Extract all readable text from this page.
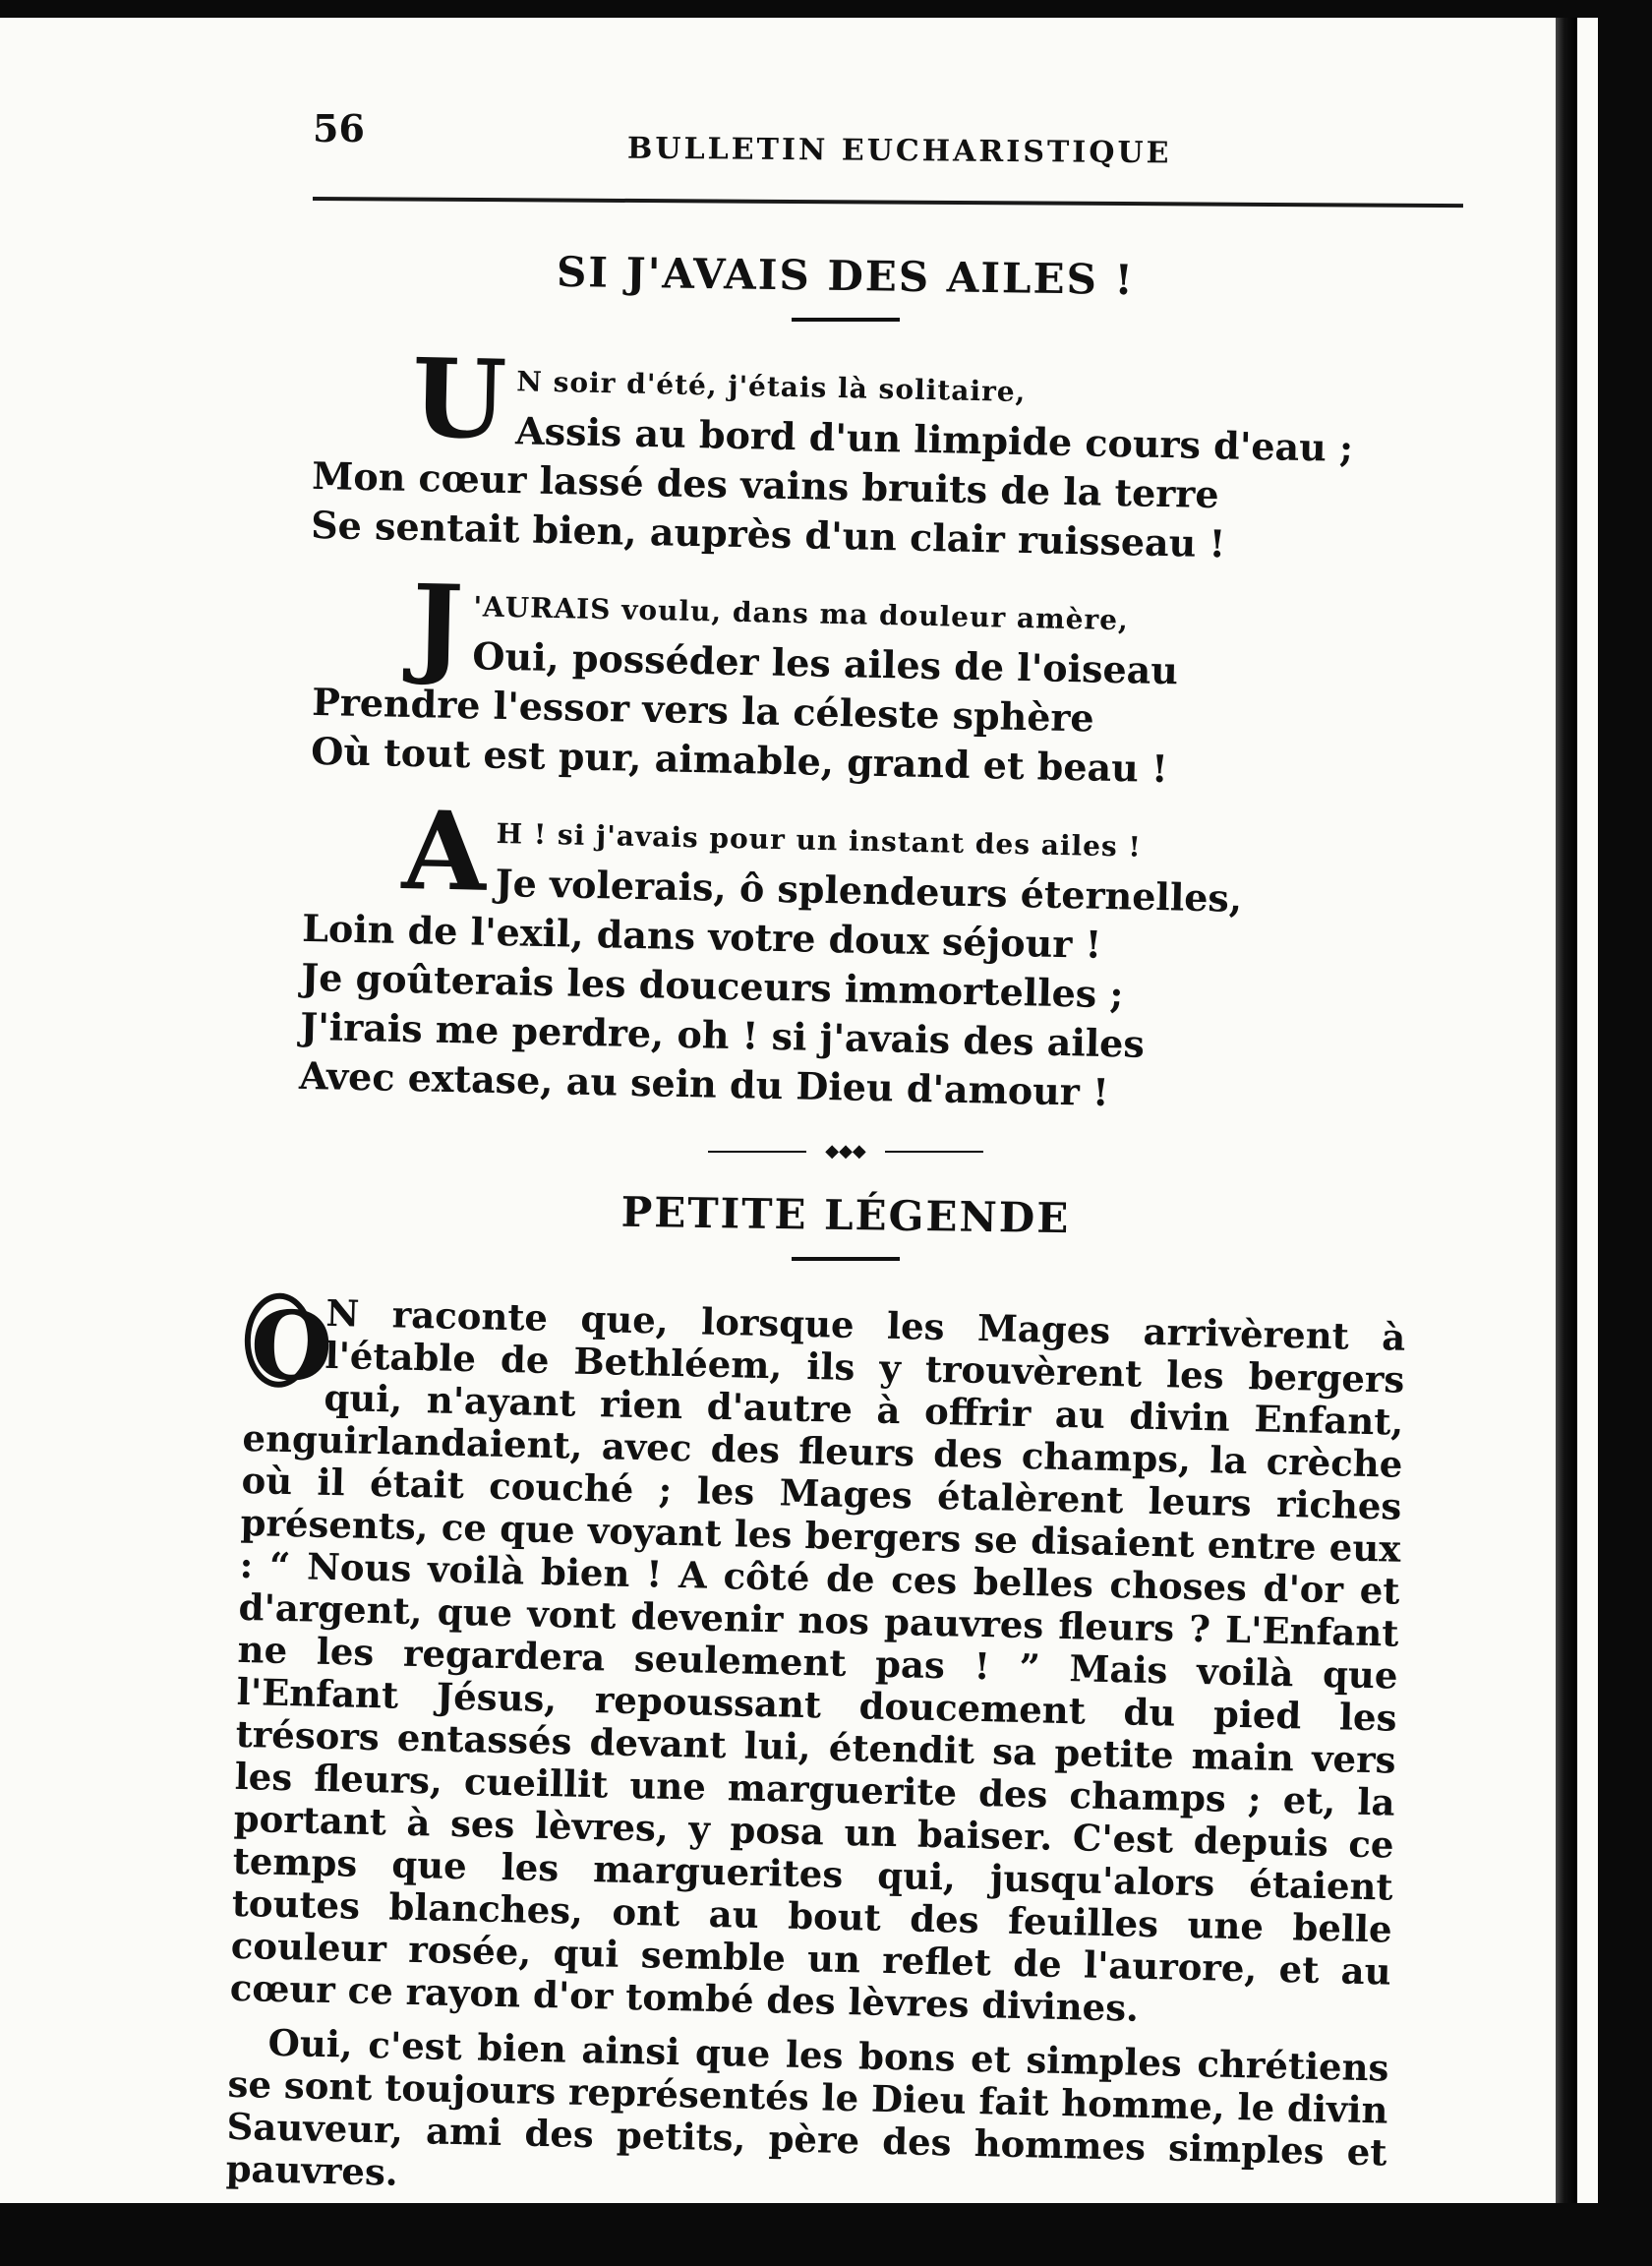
56
BULLETIN EUCHARISTIQUE
SI J'AVAIS DES AILES !
U N soir d'été, j'étais là solitaire,
Assis au bord d'un limpide cours d'eau ;
Mon cœur lassé des vains bruits de la terre
Se sentait bien, auprès d'un clair ruisseau !
J 'AURAIS voulu, dans ma douleur amère,
Oui, posséder les ailes de l'oiseau
Prendre l'essor vers la céleste sphère
Où tout est pur, aimable, grand et beau !
A H ! si j'avais pour un instant des ailes !
Je volerais, ô splendeurs éternelles,
Loin de l'exil, dans votre doux séjour !
Je goûterais les douceurs immortelles ;
J'irais me perdre, oh ! si j'avais des ailes
Avec extase, au sein du Dieu d'amour !
◆◆◆
PETITE LÉGENDE

O
N raconte que, lorsque les Mages arrivèrent à l'étable de Bethléem, ils y trouvèrent les bergers qui, n'ayant rien d'autre à offrir au divin Enfant, enguirlandaient, avec des fleurs des champs, la crèche où il était couché ; les Mages étalèrent leurs riches présents, ce que voyant les bergers se disaient entre eux : “ Nous voilà bien ! A côté de ces belles choses d'or et d'argent, que vont devenir nos pauvres fleurs ? L'Enfant ne les regardera seulement pas ! ” Mais voilà que l'Enfant Jésus, repoussant doucement du pied les trésors entassés devant lui, étendit sa petite main vers les fleurs, cueillit une marguerite des champs ; et, la portant à ses lèvres, y posa un baiser. C'est depuis ce temps que les marguerites qui, jusqu'alors étaient toutes blanches, ont au bout des feuilles une belle couleur rosée, qui semble un reflet de l'aurore, et au cœur ce rayon d'or tombé des lèvres divines.

Oui, c'est bien ainsi que les bons et simples chrétiens se sont toujours représentés le Dieu fait homme, le divin Sauveur, ami des petits, père des hommes simples et pauvres.
